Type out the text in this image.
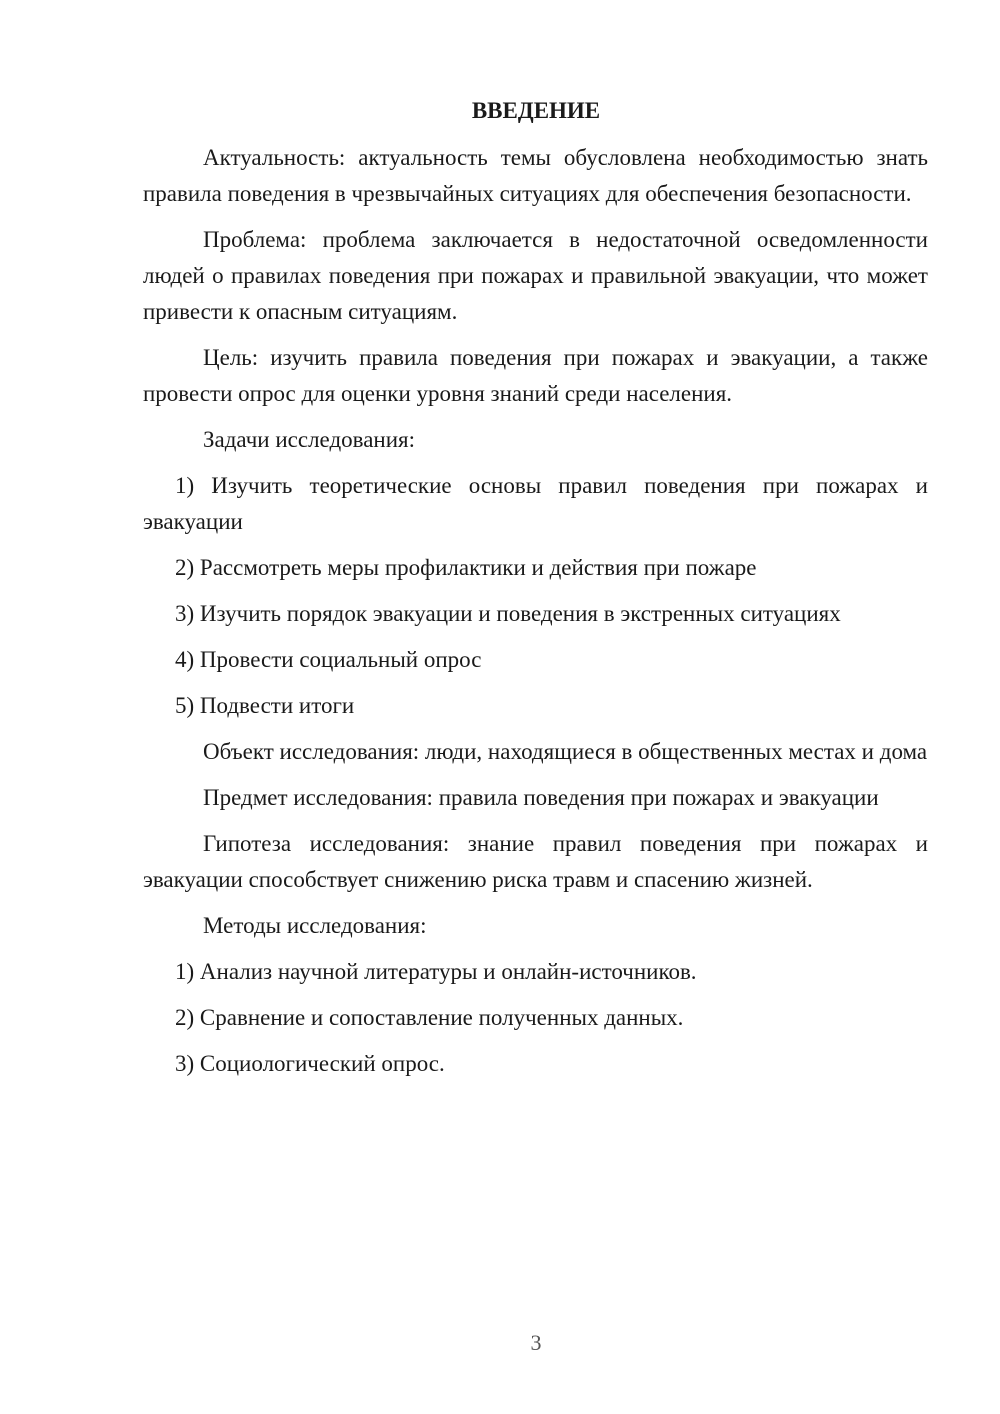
ВВЕДЕНИЕ

Актуальность: актуальность темы обусловлена необходимостью знать правила поведения в чрезвычайных ситуациях для обеспечения безопасности.

Проблема: проблема заключается в недостаточной осведомленности людей о правилах поведения при пожарах и правильной эвакуации, что может привести к опасным ситуациям.

Цель: изучить правила поведения при пожарах и эвакуации, а также провести опрос для оценки уровня знаний среди населения.

Задачи исследования:

1) Изучить теоретические основы правил поведения при пожарах и эвакуации

2) Рассмотреть меры профилактики и действия при пожаре

3) Изучить порядок эвакуации и поведения в экстренных ситуациях

4) Провести социальный опрос

5) Подвести итоги

Объект исследования: люди, находящиеся в общественных местах и дома

Предмет исследования: правила поведения при пожарах и эвакуации

Гипотеза исследования: знание правил поведения при пожарах и эвакуации способствует снижению риска травм и спасению жизней.

Методы исследования:

1) Анализ научной литературы и онлайн-источников.

2) Сравнение и сопоставление полученных данных.

3) Социологический опрос.

3
